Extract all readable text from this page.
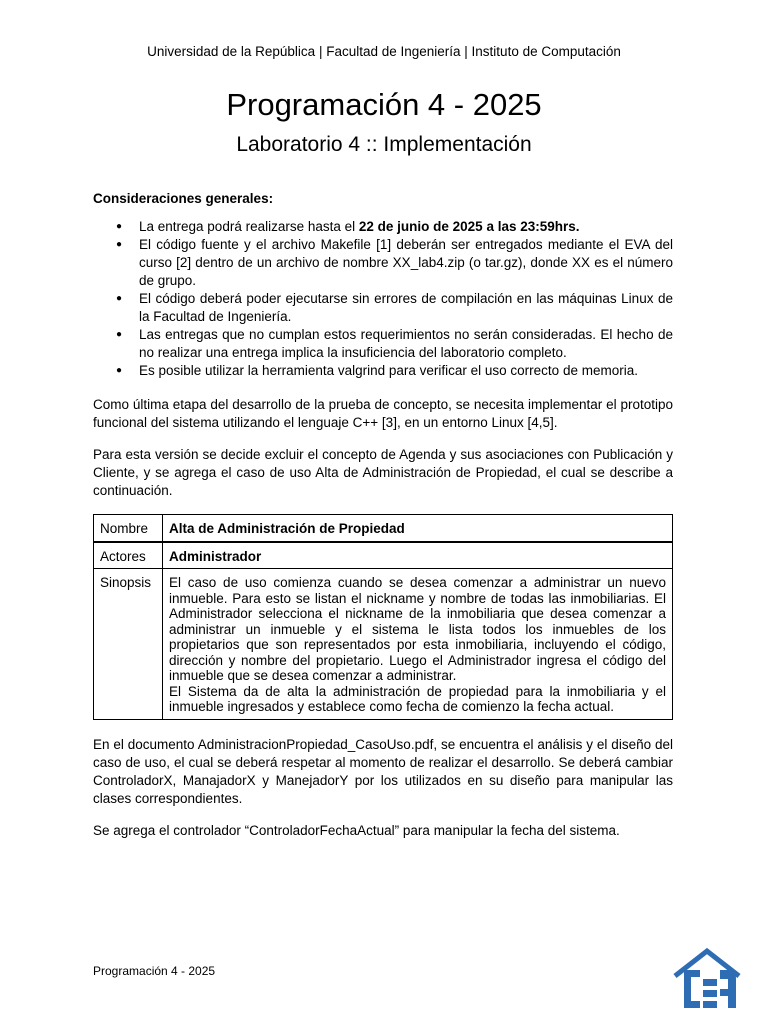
Universidad de la República | Facultad de Ingeniería | Instituto de Computación
Programación 4 - 2025
Laboratorio 4 :: Implementación
Consideraciones generales:
● La entrega podrá realizarse hasta el 22 de junio de 2025 a las 23:59hrs.
● El código fuente y el archivo Makefile [1] deberán ser entregados mediante el EVA del curso [2] dentro de un archivo de nombre XX_lab4.zip (o tar.gz), donde XX es el número de grupo.
● El código deberá poder ejecutarse sin errores de compilación en las máquinas Linux de la Facultad de Ingeniería.
● Las entregas que no cumplan estos requerimientos no serán consideradas. El hecho de no realizar una entrega implica la insuficiencia del laboratorio completo.
● Es posible utilizar la herramienta valgrind para verificar el uso correcto de memoria.

Como última etapa del desarrollo de la prueba de concepto, se necesita implementar el prototipo funcional del sistema utilizando el lenguaje C++ [3], en un entorno Linux [4,5].

Para esta versión se decide excluir el concepto de Agenda y sus asociaciones con Publicación y Cliente, y se agrega el caso de uso Alta de Administración de Propiedad, el cual se describe a continuación.

Nombre	Alta de Administración de Propiedad
Actores	Administrador
Sinopsis	El caso de uso comienza cuando se desea comenzar a administrar un nuevo inmueble. Para esto se listan el nickname y nombre de todas las inmobiliarias. El Administrador selecciona el nickname de la inmobiliaria que desea comenzar a administrar un inmueble y el sistema le lista todos los inmuebles de los propietarios que son representados por esta inmobiliaria, incluyendo el código, dirección y nombre del propietario. Luego el Administrador ingresa el código del inmueble que se desea comenzar a administrar.
El Sistema da de alta la administración de propiedad para la inmobiliaria y el inmueble ingresados y establece como fecha de comienzo la fecha actual.

En el documento AdministracionPropiedad_CasoUso.pdf, se encuentra el análisis y el diseño del caso de uso, el cual se deberá respetar al momento de realizar el desarrollo. Se deberá cambiar ControladorX, ManajadorX y ManejadorY por los utilizados en su diseño para manipular las clases correspondientes.

Se agrega el controlador “ControladorFechaActual” para manipular la fecha del sistema.

Programación 4 - 2025
